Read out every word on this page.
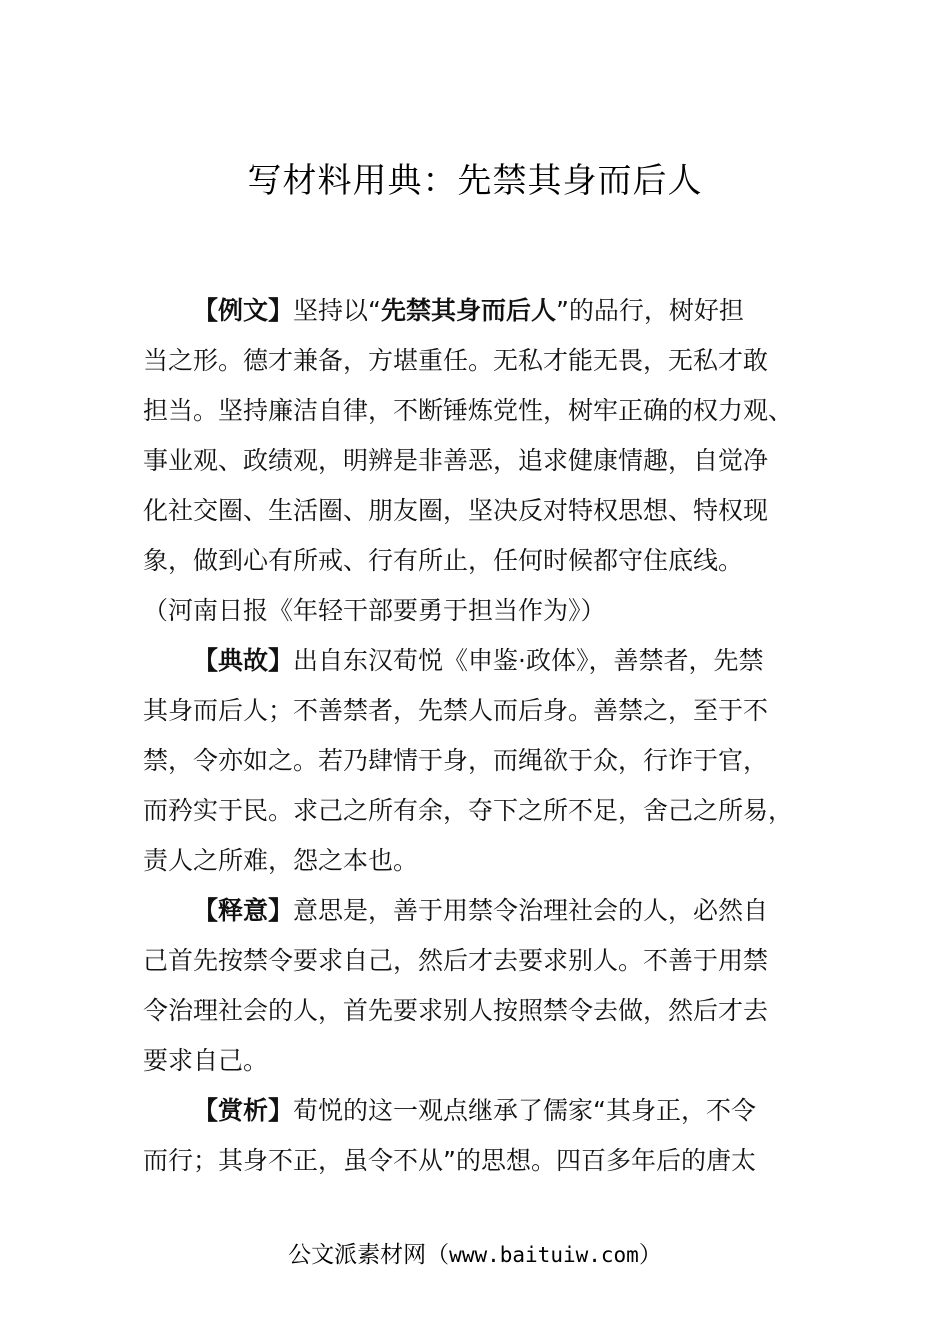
写材料用典：先禁其身而后人
【例文】坚持以“先禁其身而后人”的品行，树好担
当之形。德才兼备，方堪重任。无私才能无畏，无私才敢
担当。坚持廉洁自律，不断锤炼党性，树牢正确的权力观、
事业观、政绩观，明辨是非善恶，追求健康情趣，自觉净
化社交圈、生活圈、朋友圈，坚决反对特权思想、特权现
象，做到心有所戒、行有所止，任何时候都守住底线。
（河南日报《年轻干部要勇于担当作为》）
【典故】出自东汉荀悦《申鉴·政体》，善禁者，先禁
其身而后人；不善禁者，先禁人而后身。善禁之，至于不
禁，令亦如之。若乃肆情于身，而绳欲于众，行诈于官，
而矜实于民。求己之所有余，夺下之所不足，舍己之所易，
责人之所难，怨之本也。
【释意】意思是，善于用禁令治理社会的人，必然自
己首先按禁令要求自己，然后才去要求别人。不善于用禁
令治理社会的人，首先要求别人按照禁令去做，然后才去
要求自己。
【赏析】荀悦的这一观点继承了儒家“其身正，不令
而行；其身不正，虽令不从”的思想。四百多年后的唐太
公文派素材网（www.baituiw.com）
